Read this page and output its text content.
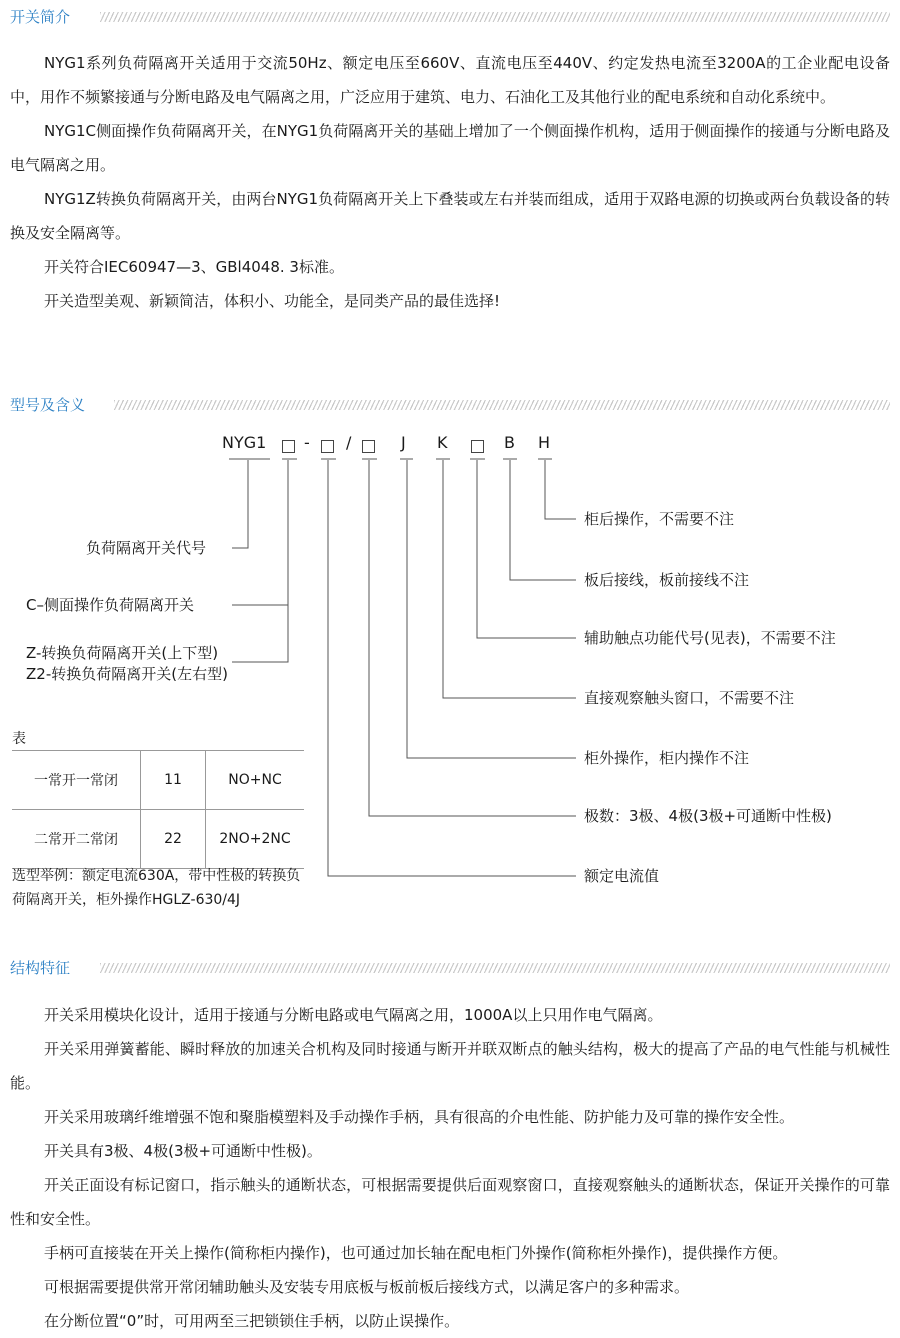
开关简介

NYG1系列负荷隔离开关适用于交流50Hz、额定电压至660V、直流电压至440V、约定发热电流至3200A的工企业配电设备中，用作不频繁接通与分断电路及电气隔离之用，广泛应用于建筑、电力、石油化工及其他行业的配电系统和自动化系统中。

NYG1C侧面操作负荷隔离开关，在NYG1负荷隔离开关的基础上增加了一个侧面操作机构，适用于侧面操作的接通与分断电路及电气隔离之用。

NYG1Z转换负荷隔离开关，由两台NYG1负荷隔离开关上下叠装或左右并装而组成，适用于双路电源的切换或两台负载设备的转换及安全隔离等。

开关符合IEC60947—3、GBl4048. 3标准。

开关造型美观、新颖简洁，体积小、功能全，是同类产品的最佳选择!

型号及含义
NYG1 - /	J K	B H
负荷隔离开关代号
C–侧面操作负荷隔离开关
Z-转换负荷隔离开关(上下型)
Z2-转换负荷隔离开关(左右型)
柜后操作，不需要不注
板后接线，板前接线不注
辅助触点功能代号(见表)，不需要不注
直接观察触头窗口，不需要不注
柜外操作，柜内操作不注
极数：3极、4极(3极+可通断中性极)
额定电流值
表
一常开一常闭	11	NO+NC
二常开二常闭	22	2NO+2NC
选型举例：额定电流630A，带中性极的转换负荷隔离开关，柜外操作HGLZ-630/4J
结构特征

开关采用模块化设计，适用于接通与分断电路或电气隔离之用，1000A以上只用作电气隔离。

开关采用弹簧蓄能、瞬时释放的加速关合机构及同时接通与断开并联双断点的触头结构，极大的提高了产品的电气性能与机械性能。

开关采用玻璃纤维增强不饱和聚脂模塑料及手动操作手柄，具有很高的介电性能、防护能力及可靠的操作安全性。

开关具有3极、4极(3极+可通断中性极)。

开关正面设有标记窗口，指示触头的通断状态，可根据需要提供后面观察窗口，直接观察触头的通断状态，保证开关操作的可靠性和安全性。

手柄可直接装在开关上操作(简称柜内操作)，也可通过加长轴在配电柜门外操作(简称柜外操作)，提供操作方便。

可根据需要提供常开常闭辅助触头及安装专用底板与板前板后接线方式，以满足客户的多种需求。

在分断位置“0”时，可用两至三把锁锁住手柄，以防止误操作。
